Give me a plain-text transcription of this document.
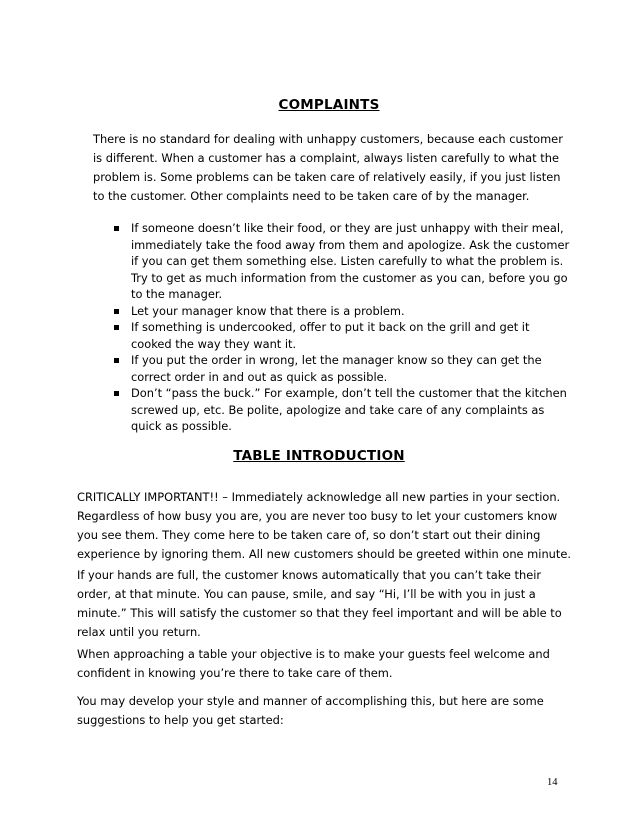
COMPLAINTS

There is no standard for dealing with unhappy customers, because each customer is different. When a customer has a complaint, always listen carefully to what the problem is. Some problems can be taken care of relatively easily, if you just listen to the customer. Other complaints need to be taken care of by the manager.

If someone doesn’t like their food, or they are just unhappy with their meal, immediately take the food away from them and apologize. Ask the customer if you can get them something else. Listen carefully to what the problem is. Try to get as much information from the customer as you can, before you go to the manager.
Let your manager know that there is a problem.
If something is undercooked, offer to put it back on the grill and get it cooked the way they want it.
If you put the order in wrong, let the manager know so they can get the correct order in and out as quick as possible.
Don’t “pass the buck.” For example, don’t tell the customer that the kitchen screwed up, etc. Be polite, apologize and take care of any complaints as quick as possible.
TABLE INTRODUCTION

CRITICALLY IMPORTANT!! – Immediately acknowledge all new parties in your section. Regardless of how busy you are, you are never too busy to let your customers know you see them. They come here to be taken care of, so don’t start out their dining experience by ignoring them. All new customers should be greeted within one minute.

If your hands are full, the customer knows automatically that you can’t take their order, at that minute. You can pause, smile, and say “Hi, I’ll be with you in just a minute.” This will satisfy the customer so that they feel important and will be able to relax until you return.

When approaching a table your objective is to make your guests feel welcome and confident in knowing you’re there to take care of them.

You may develop your style and manner of accomplishing this, but here are some suggestions to help you get started:

14
